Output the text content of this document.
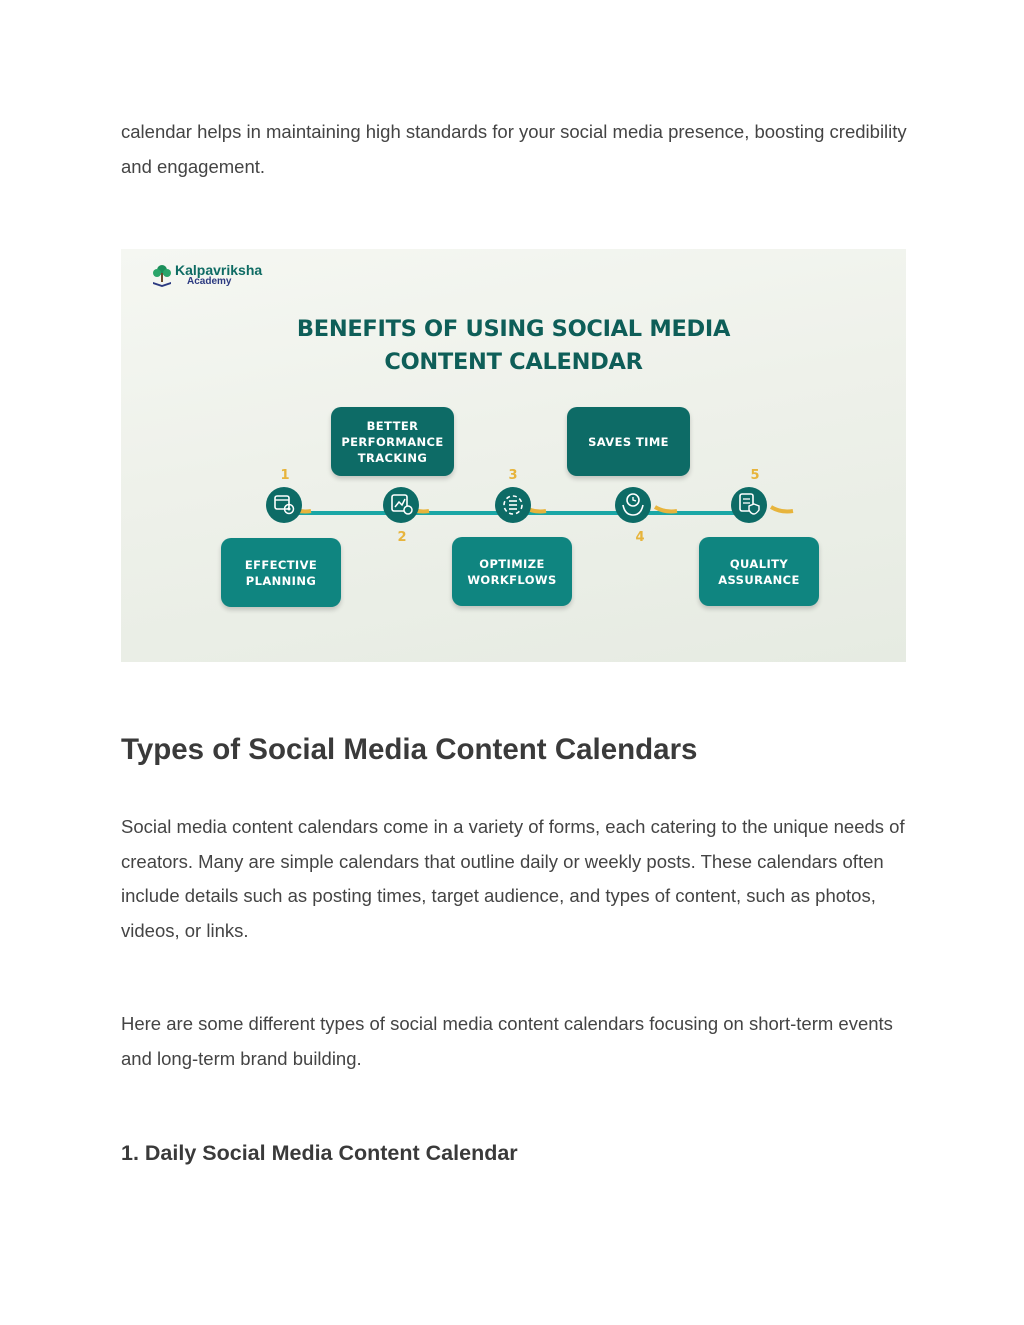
calendar helps in maintaining high standards for your social media presence, boosting credibility and engagement.

Kalpavriksha
Academy
BENEFITS OF USING SOCIAL MEDIA
CONTENT CALENDAR
1
2
3
4
5
EFFECTIVE
PLANNING
BETTER
PERFORMANCE
TRACKING
OPTIMIZE
WORKFLOWS
SAVES TIME
QUALITY
ASSURANCE
Types of Social Media Content Calendars

Social media content calendars come in a variety of forms, each catering to the unique needs of creators. Many are simple calendars that outline daily or weekly posts. These calendars often include details such as posting times, target audience, and types of content, such as photos, videos, or links.

Here are some different types of social media content calendars focusing on short-term events and long-term brand building.

1. Daily Social Media Content Calendar
